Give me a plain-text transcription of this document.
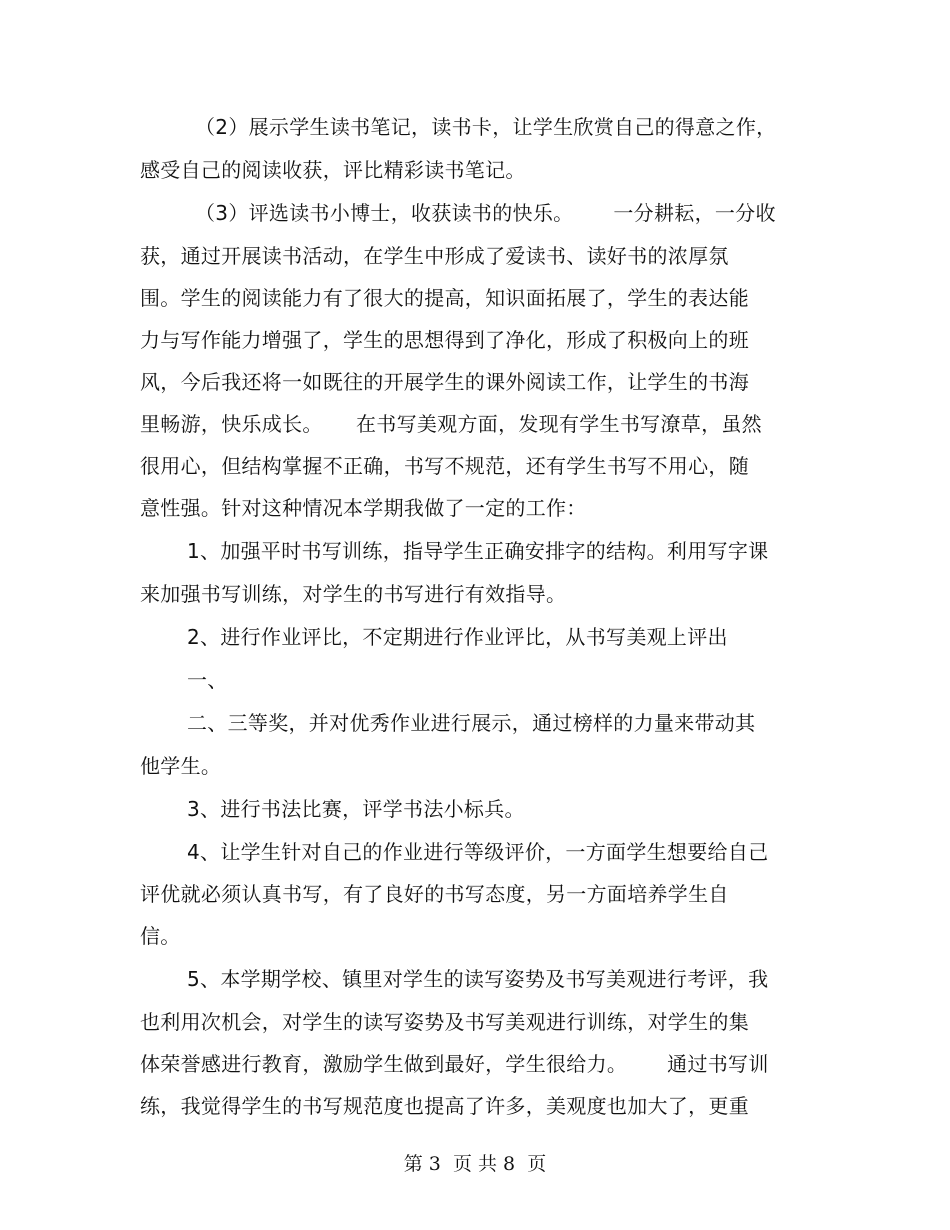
（2）展示学生读书笔记，读书卡，让学生欣赏自己的得意之作，
感受自己的阅读收获，评比精彩读书笔记。
（3）评选读书小博士，收获读书的快乐。      一分耕耘，一分收
获，通过开展读书活动，在学生中形成了爱读书、读好书的浓厚氛
围。学生的阅读能力有了很大的提高，知识面拓展了，学生的表达能
力与写作能力增强了，学生的思想得到了净化，形成了积极向上的班
风，今后我还将一如既往的开展学生的课外阅读工作，让学生的书海
里畅游，快乐成长。     在书写美观方面，发现有学生书写潦草，虽然
很用心，但结构掌握不正确，书写不规范，还有学生书写不用心，随
意性强。针对这种情况本学期我做了一定的工作：
1、加强平时书写训练，指导学生正确安排字的结构。利用写字课
来加强书写训练，对学生的书写进行有效指导。
2、进行作业评比，不定期进行作业评比，从书写美观上评出
一、
二、三等奖，并对优秀作业进行展示，通过榜样的力量来带动其
他学生。
3、进行书法比赛，评学书法小标兵。
4、让学生针对自己的作业进行等级评价，一方面学生想要给自己
评优就必须认真书写，有了良好的书写态度，另一方面培养学生自
信。
5、本学期学校、镇里对学生的读写姿势及书写美观进行考评，我
也利用次机会，对学生的读写姿势及书写美观进行训练，对学生的集
体荣誉感进行教育，激励学生做到最好，学生很给力。      通过书写训
练，我觉得学生的书写规范度也提高了许多，美观度也加大了，更重
第 3  页 共 8  页
